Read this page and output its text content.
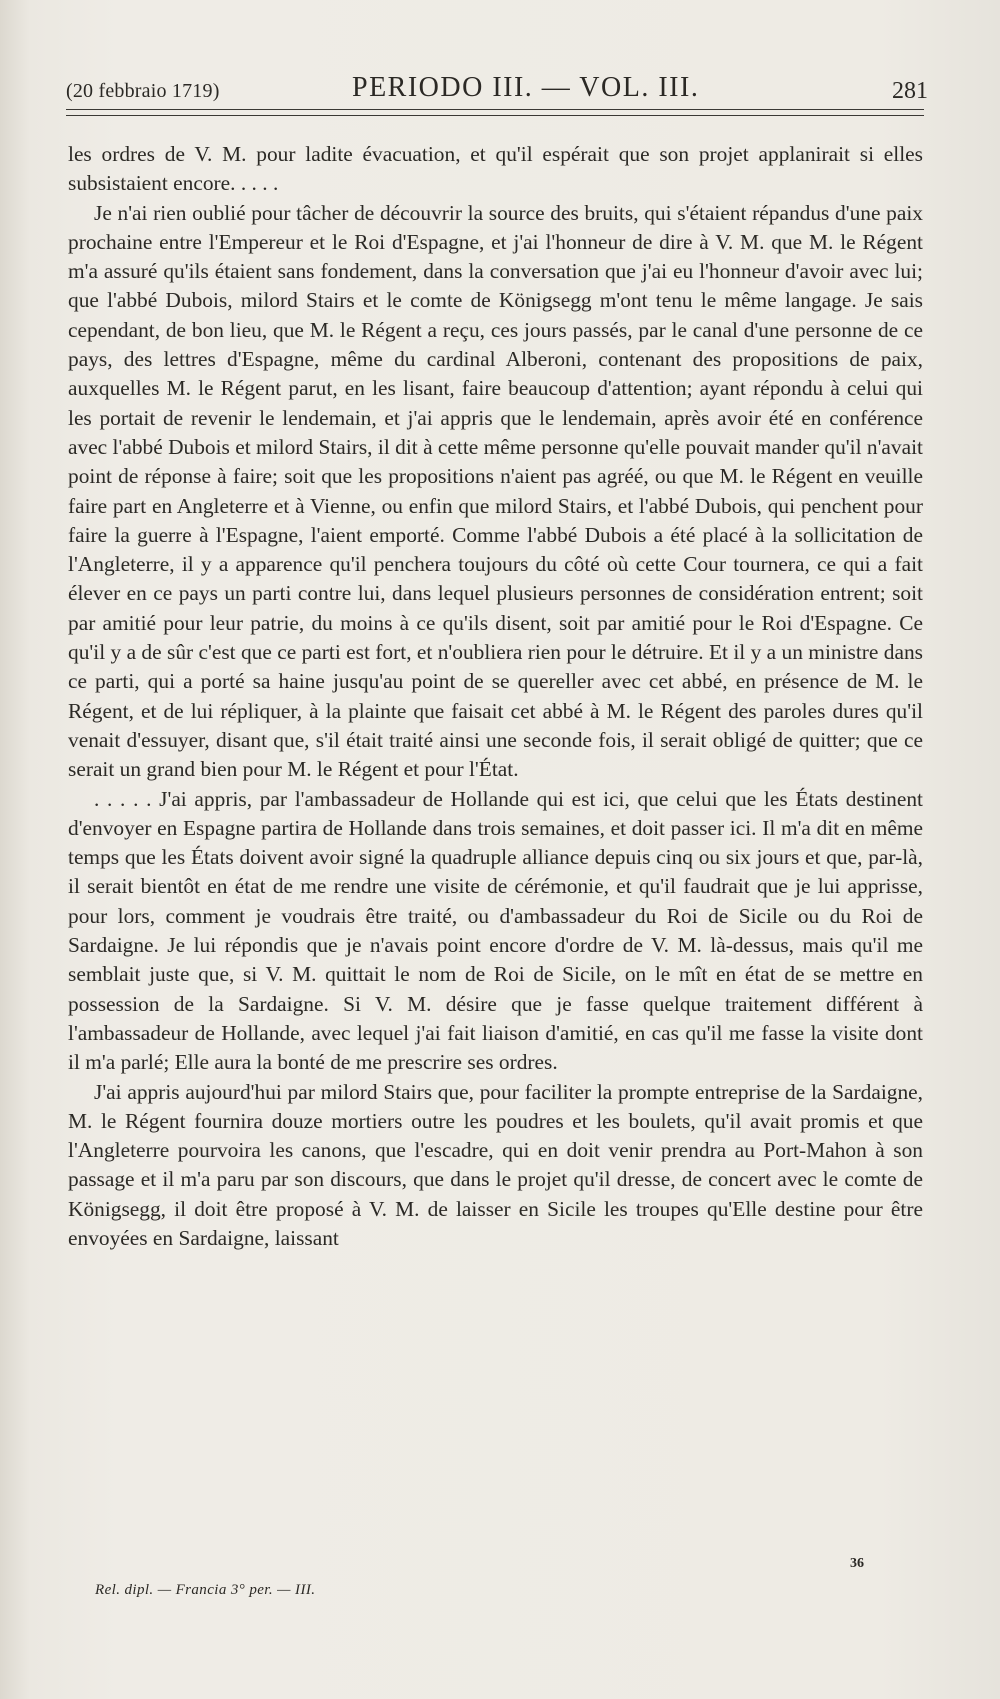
(20 febbraio 1719)	PERIODO III. — VOL. III.	281

les ordres de V. M. pour ladite évacuation, et qu'il espérait que son projet applanirait si elles subsistaient encore. . . . .

Je n'ai rien oublié pour tâcher de découvrir la source des bruits, qui s'étaient répandus d'une paix prochaine entre l'Empereur et le Roi d'Espagne, et j'ai l'honneur de dire à V. M. que M. le Régent m'a assuré qu'ils étaient sans fondement, dans la conversation que j'ai eu l'honneur d'avoir avec lui; que l'abbé Dubois, milord Stairs et le comte de Königsegg m'ont tenu le même langage. Je sais cependant, de bon lieu, que M. le Régent a reçu, ces jours passés, par le canal d'une personne de ce pays, des lettres d'Espagne, même du cardinal Alberoni, contenant des propositions de paix, auxquelles M. le Régent parut, en les lisant, faire beaucoup d'attention; ayant répondu à celui qui les portait de revenir le lendemain, et j'ai appris que le lendemain, après avoir été en conférence avec l'abbé Dubois et milord Stairs, il dit à cette même personne qu'elle pouvait mander qu'il n'avait point de réponse à faire; soit que les propositions n'aient pas agréé, ou que M. le Régent en veuille faire part en Angleterre et à Vienne, ou enfin que milord Stairs, et l'abbé Dubois, qui penchent pour faire la guerre à l'Espagne, l'aient emporté. Comme l'abbé Dubois a été placé à la sollicitation de l'Angleterre, il y a apparence qu'il penchera toujours du côté où cette Cour tournera, ce qui a fait élever en ce pays un parti contre lui, dans lequel plusieurs personnes de considération entrent; soit par amitié pour leur patrie, du moins à ce qu'ils disent, soit par amitié pour le Roi d'Espagne. Ce qu'il y a de sûr c'est que ce parti est fort, et n'oubliera rien pour le détruire. Et il y a un ministre dans ce parti, qui a porté sa haine jusqu'au point de se quereller avec cet abbé, en présence de M. le Régent, et de lui répliquer, à la plainte que faisait cet abbé à M. le Régent des paroles dures qu'il venait d'essuyer, disant que, s'il était traité ainsi une seconde fois, il serait obligé de quitter; que ce serait un grand bien pour M. le Régent et pour l'État.

. . . . . J'ai appris, par l'ambassadeur de Hollande qui est ici, que celui que les États destinent d'envoyer en Espagne partira de Hollande dans trois semaines, et doit passer ici. Il m'a dit en même temps que les États doivent avoir signé la quadruple alliance depuis cinq ou six jours et que, par-là, il serait bientôt en état de me rendre une visite de cérémonie, et qu'il faudrait que je lui apprisse, pour lors, comment je voudrais être traité, ou d'ambassadeur du Roi de Sicile ou du Roi de Sardaigne. Je lui répondis que je n'avais point encore d'ordre de V. M. là-dessus, mais qu'il me semblait juste que, si V. M. quittait le nom de Roi de Sicile, on le mît en état de se mettre en possession de la Sardaigne. Si V. M. désire que je fasse quelque traitement différent à l'ambassadeur de Hollande, avec lequel j'ai fait liaison d'amitié, en cas qu'il me fasse la visite dont il m'a parlé; Elle aura la bonté de me prescrire ses ordres.

J'ai appris aujourd'hui par milord Stairs que, pour faciliter la prompte entreprise de la Sardaigne, M. le Régent fournira douze mortiers outre les poudres et les boulets, qu'il avait promis et que l'Angleterre pourvoira les canons, que l'escadre, qui en doit venir prendra au Port-Mahon à son passage et il m'a paru par son discours, que dans le projet qu'il dresse, de concert avec le comte de Königsegg, il doit être proposé à V. M. de laisser en Sicile les troupes qu'Elle destine pour être envoyées en Sardaigne, laissant

36
Rel. dipl. — Francia 3° per. — III.
